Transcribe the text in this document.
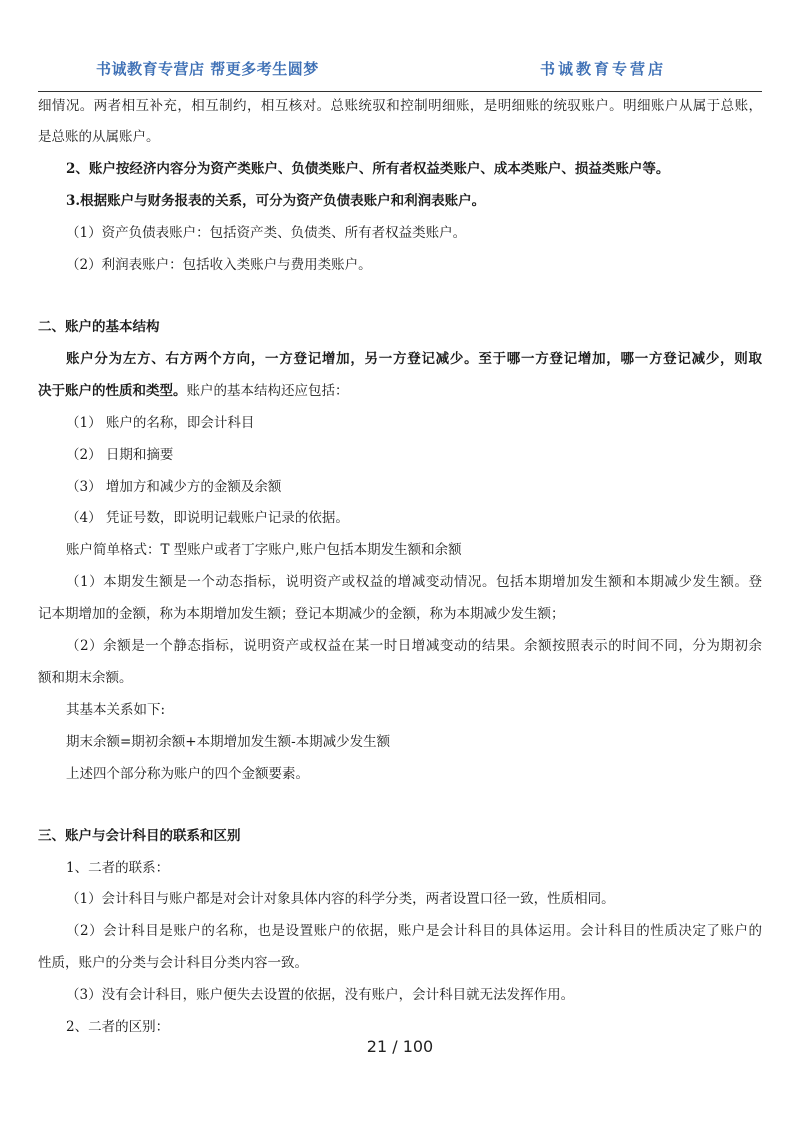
书诚教育专营店 帮更多考生圆梦	书诚教育专营店
细情况。两者相互补充，相互制约，相互核对。总账统驭和控制明细账，是明细账的统驭账户。明细账户从属于总账，
是总账的从属账户。
2、账户按经济内容分为资产类账户、负债类账户、所有者权益类账户、成本类账户、损益类账户等。
3.根据账户与财务报表的关系，可分为资产负债表账户和利润表账户。
（1）资产负债表账户：包括资产类、负债类、所有者权益类账户。
（2）利润表账户：包括收入类账户与费用类账户。
二、账户的基本结构
账户分为左方、右方两个方向，一方登记增加，另一方登记减少。至于哪一方登记增加，哪一方登记减少，则取
决于账户的性质和类型。账户的基本结构还应包括：
（1） 账户的名称，即会计科目
（2） 日期和摘要
（3） 增加方和减少方的金额及余额
（4） 凭证号数，即说明记载账户记录的依据。
账户简单格式：T 型账户或者丁字账户,账户包括本期发生额和余额
（1）本期发生额是一个动态指标，说明资产或权益的增减变动情况。包括本期增加发生额和本期减少发生额。登
记本期增加的金额，称为本期增加发生额；登记本期减少的金额，称为本期减少发生额；
（2）余额是一个静态指标，说明资产或权益在某一时日增减变动的结果。余额按照表示的时间不同，分为期初余
额和期末余额。
其基本关系如下:
期末余额=期初余额+本期增加发生额-本期减少发生额
上述四个部分称为账户的四个金额要素。
三、账户与会计科目的联系和区别
1、二者的联系：
（1）会计科目与账户都是对会计对象具体内容的科学分类，两者设置口径一致，性质相同。
（2）会计科目是账户的名称，也是设置账户的依据，账户是会计科目的具体运用。会计科目的性质决定了账户的
性质，账户的分类与会计科目分类内容一致。
（3）没有会计科目，账户便失去设置的依据，没有账户，会计科目就无法发挥作用。
2、二者的区别：
21 / 100
